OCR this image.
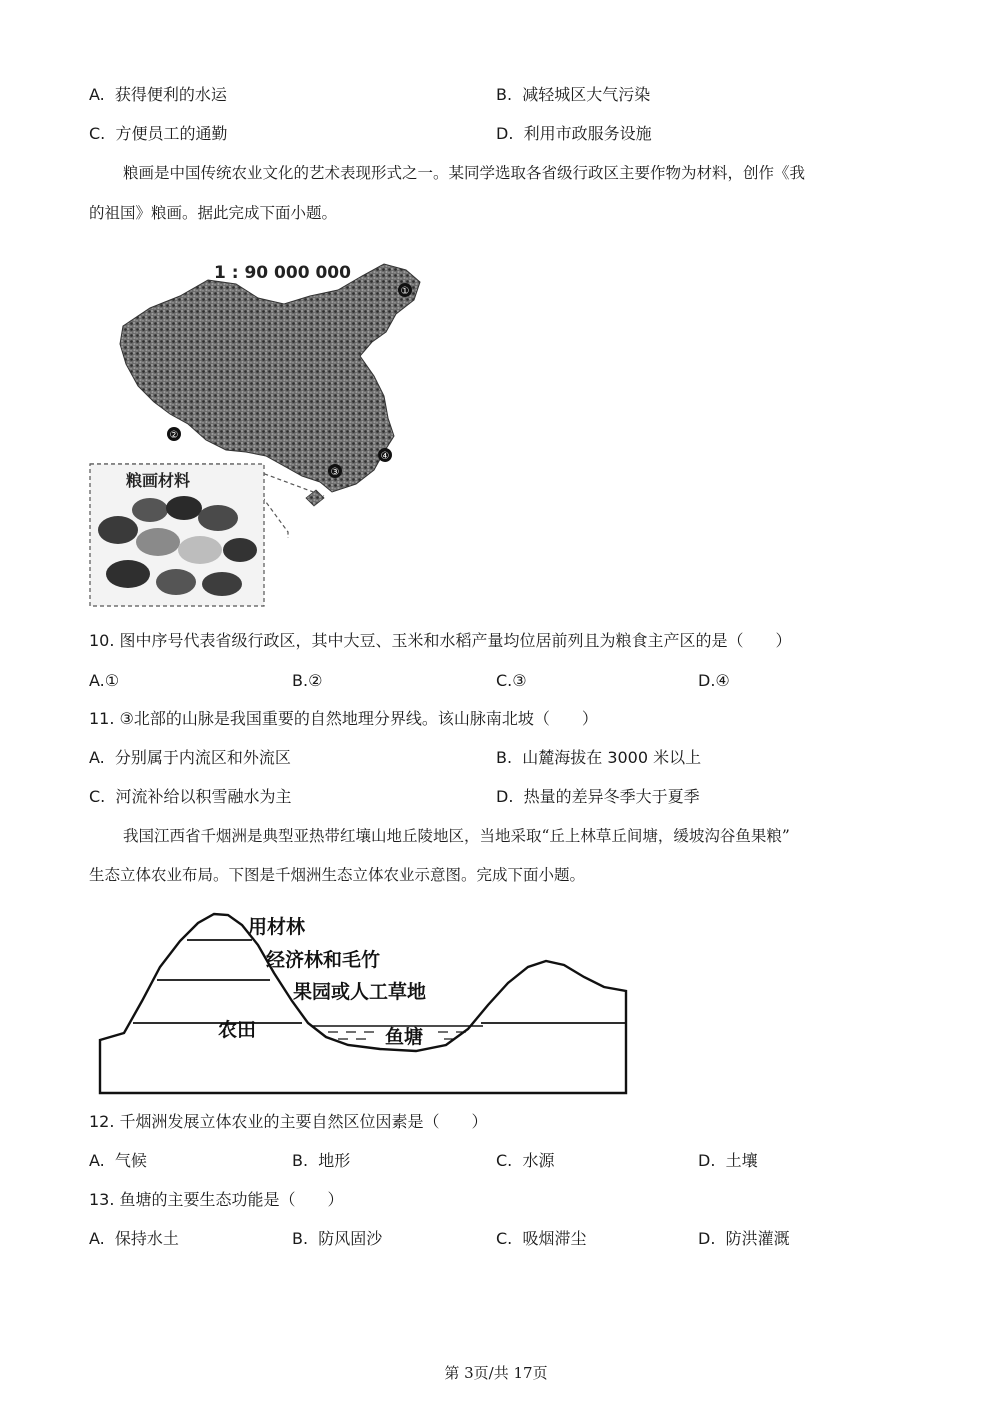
A. 获得便利的水运	B. 减轻城区大气污染
C. 方便员工的通勤	D. 利用市政服务设施
粮画是中国传统农业文化的艺术表现形式之一。某同学选取各省级行政区主要作物为材料，创作《我
的祖国》粮画。据此完成下面小题。
1 : 90 000 000
①
②
③
④
粮画材料
10. 图中序号代表省级行政区，其中大豆、玉米和水稻产量均位居前列且为粮食主产区的是（　　）
A.①	B.②	C.③	D.④
11. ③北部的山脉是我国重要的自然地理分界线。该山脉南北坡（　　）
A. 分别属于内流区和外流区	B. 山麓海拔在 3000 米以上
C. 河流补给以积雪融水为主	D. 热量的差异冬季大于夏季
我国江西省千烟洲是典型亚热带红壤山地丘陵地区，当地采取“丘上林草丘间塘，缓坡沟谷鱼果粮”
生态立体农业布局。下图是千烟洲生态立体农业示意图。完成下面小题。
用材林
经济林和毛竹
果园或人工草地
农田	鱼塘
12. 千烟洲发展立体农业的主要自然区位因素是（　　）
A. 气候	B. 地形	C. 水源	D. 土壤
13. 鱼塘的主要生态功能是（　　）
A. 保持水土	B. 防风固沙	C. 吸烟滞尘	D. 防洪灌溉
第 3页/共 17页
